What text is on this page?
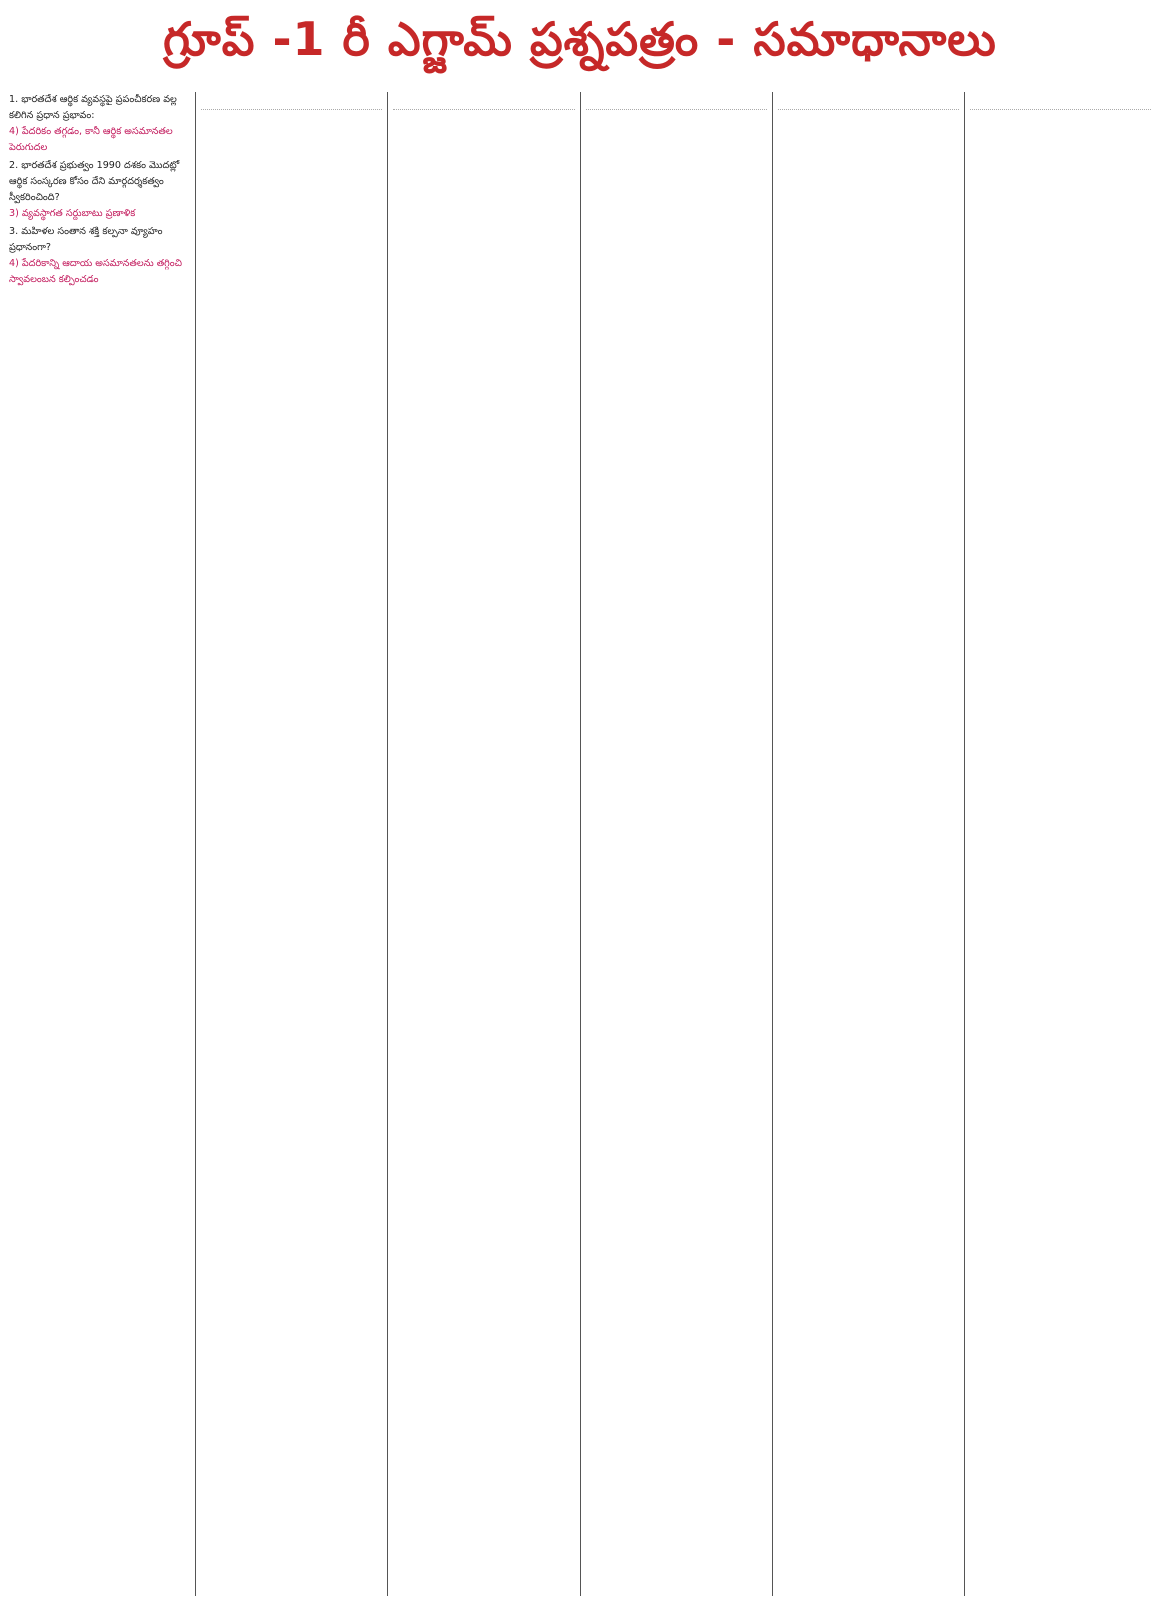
గ్రూప్ -1 రీ ఎగ్జామ్ ప్రశ్నపత్రం - సమాధానాలు
1. భారతదేశ ఆర్థిక వ్యవస్థపై ప్రపంచీకరణ వల్ల కలిగిన ప్రధాన ప్రభావం:
4) పేదరికం తగ్గడం, కానీ ఆర్థిక అసమానతల పెరుగుదల
2. భారతదేశ ప్రభుత్వం 1990 దశకం మొదట్లో ఆర్థిక సంస్కరణ కోసం దేని మార్గదర్శకత్వం స్వీకరించింది?
3) వ్యవస్థాగత సర్దుబాటు ప్రణాళిక
3. మహిళల సంతాన శక్తి కల్పనా వ్యూహం ప్రధానంగా?
4) పేదరికాన్ని ఆదాయ అసమానతలను తగ్గించి స్వావలంబన కల్పించడం
